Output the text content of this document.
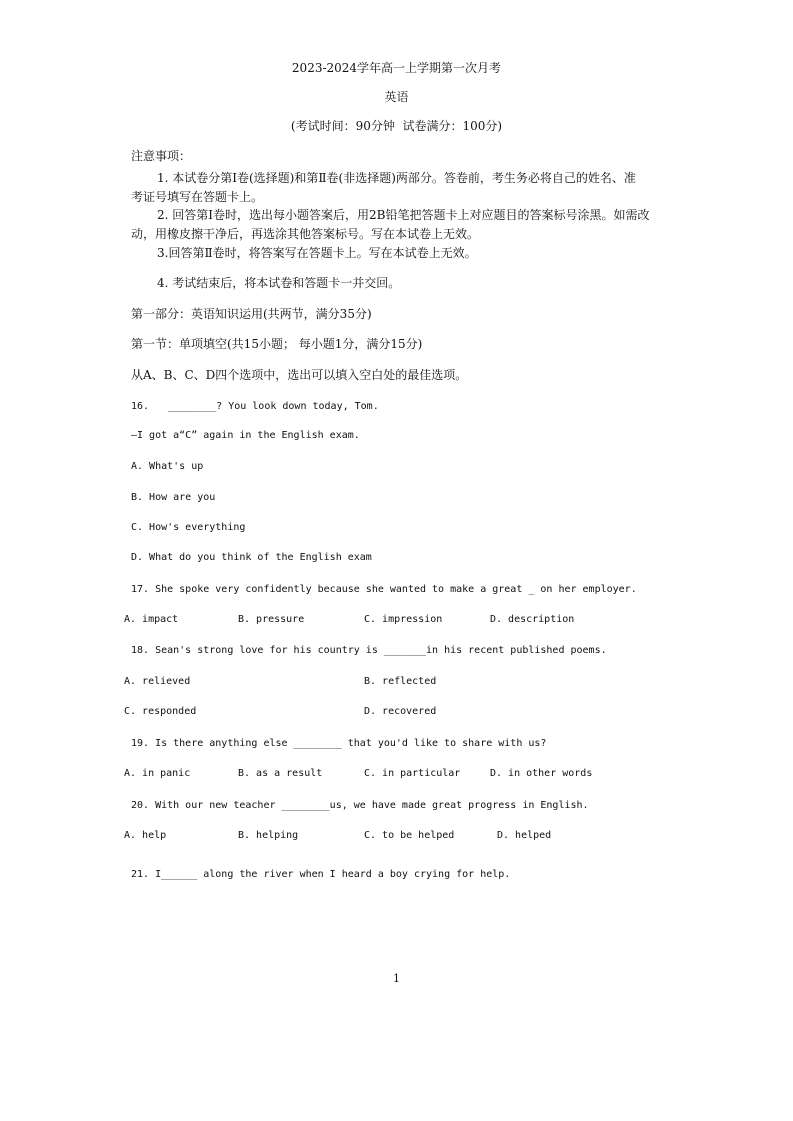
2023-2024学年高一上学期第一次月考
英语
(考试时间：90分钟  试卷满分：100分)
注意事项：
1. 本试卷分第Ⅰ卷(选择题)和第Ⅱ卷(非选择题)两部分。答卷前，考生务必将自己的姓名、准
考证号填写在答题卡上。
2. 回答第Ⅰ卷时，选出每小题答案后，用2B铅笔把答题卡上对应题目的答案标号涂黑。如需改
动，用橡皮擦干净后，再选涂其他答案标号。写在本试卷上无效。
3.回答第Ⅱ卷时，将答案写在答题卡上。写在本试卷上无效。
4. 考试结束后，将本试卷和答题卡一并交回。
第一部分：英语知识运用(共两节，满分35分)
第一节：单项填空(共15小题； 每小题1分，满分15分)
从A、B、C、D四个选项中，选出可以填入空白处的最佳选项。
16. ________? You look down today, Tom.
—I got a“C” again in the English exam.
A. What's up
B. How are you
C. How's everything
D. What do you think of the English exam
17. She spoke very confidently because she wanted to make a great _ on her employer.
A. impact	B. pressure	C. impression	D. description
18. Sean's strong love for his country is _______in his recent published poems.
A. relieved	B. reflected
C. responded	D. recovered
19. Is there anything else ________ that you'd like to share with us?
A. in panic	B. as a result	C. in particular	D. in other words
20. With our new teacher ________us, we have made great progress in English.
A. help	B. helping	C. to be helped	D. helped
21. I______ along the river when I heard a boy crying for help.
1
